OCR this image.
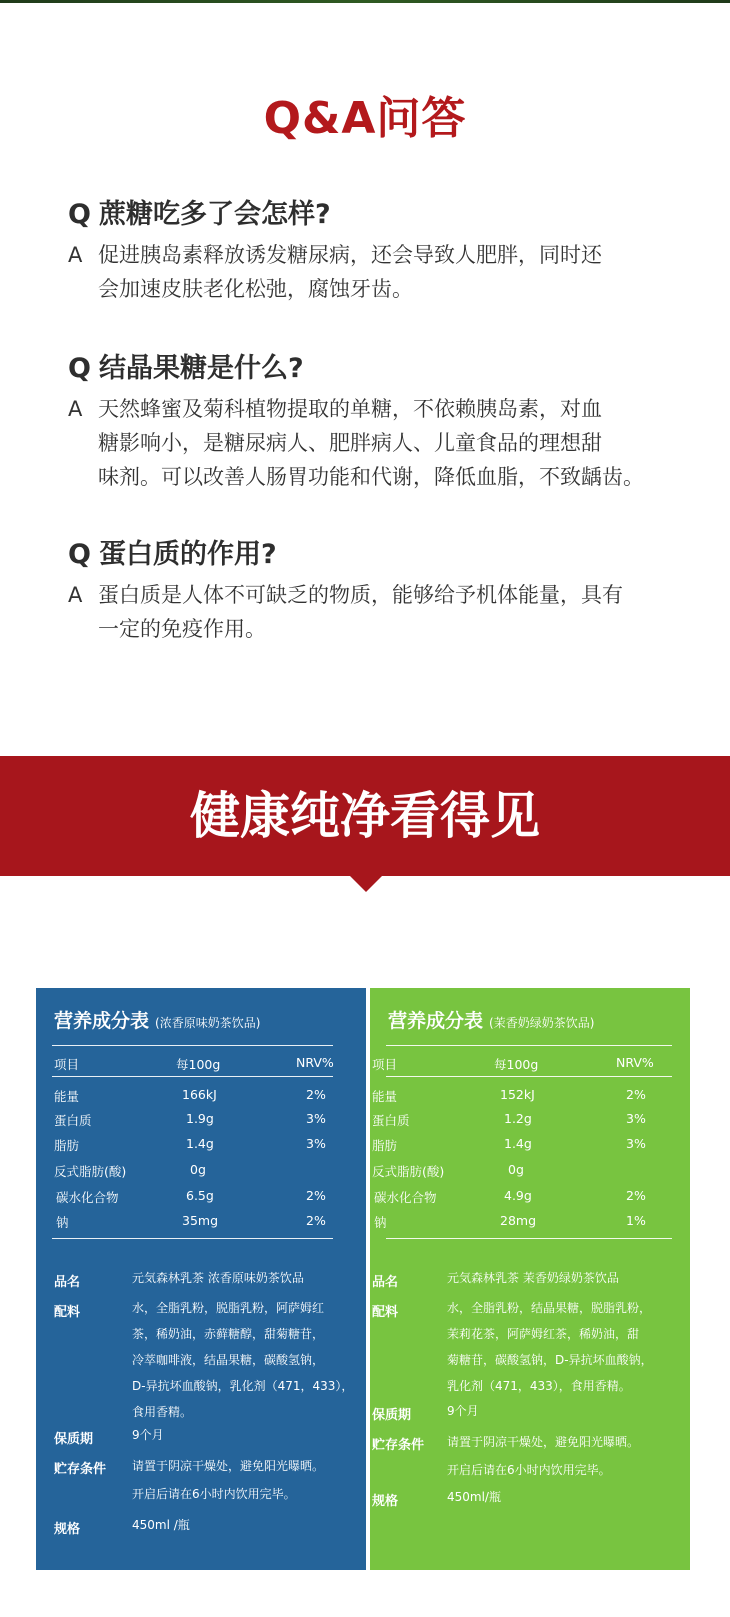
Q&A问答
Q 蔗糖吃多了会怎样?
A 促进胰岛素释放诱发糖尿病，还会导致人肥胖，同时还
会加速皮肤老化松弛，腐蚀牙齿。
Q 结晶果糖是什么?
A 天然蜂蜜及菊科植物提取的单糖，不依赖胰岛素，对血
糖影响小，是糖尿病人、肥胖病人、儿童食品的理想甜
味剂。可以改善人肠胃功能和代谢，降低血脂，不致龋齿。
Q 蛋白质的作用?
A 蛋白质是人体不可缺乏的物质，能够给予机体能量，具有
一定的免疫作用。
健康纯净看得见
营养成分表 (浓香原味奶茶饮品)
项目	每100g	NRV%
能量	166kJ	2%
蛋白质	1.9g	3%
脂肪	1.4g	3%
反式脂肪(酸)	0g
碳水化合物	6.5g	2%
钠	35mg	2%
品名	元気森林乳茶 浓香原味奶茶饮品
配料	水，全脂乳粉，脱脂乳粉，阿萨姆红
茶，稀奶油，赤藓糖醇，甜菊糖苷，
冷萃咖啡液，结晶果糖，碳酸氢钠，
D-异抗坏血酸钠，乳化剂（471，433），
食用香精。
保质期	9个月
贮存条件 请置于阴凉干燥处，避免阳光曝晒。
开启后请在6小时内饮用完毕。
规格	450ml /瓶
营养成分表 (茉香奶绿奶茶饮品)
项目	每100g	NRV%
能量	152kJ	2%
蛋白质	1.2g	3%
脂肪	1.4g	3%
反式脂肪(酸)	0g
碳水化合物	4.9g	2%
钠	28mg	1%
品名	元気森林乳茶 茉香奶绿奶茶饮品
配料	水，全脂乳粉，结晶果糖，脱脂乳粉，
茉莉花茶，阿萨姆红茶，稀奶油，甜
菊糖苷，碳酸氢钠，D-异抗坏血酸钠，
乳化剂（471，433），食用香精。
保质期	9个月
贮存条件 请置于阴凉干燥处，避免阳光曝晒。
开启后请在6小时内饮用完毕。
规格	450ml/瓶
